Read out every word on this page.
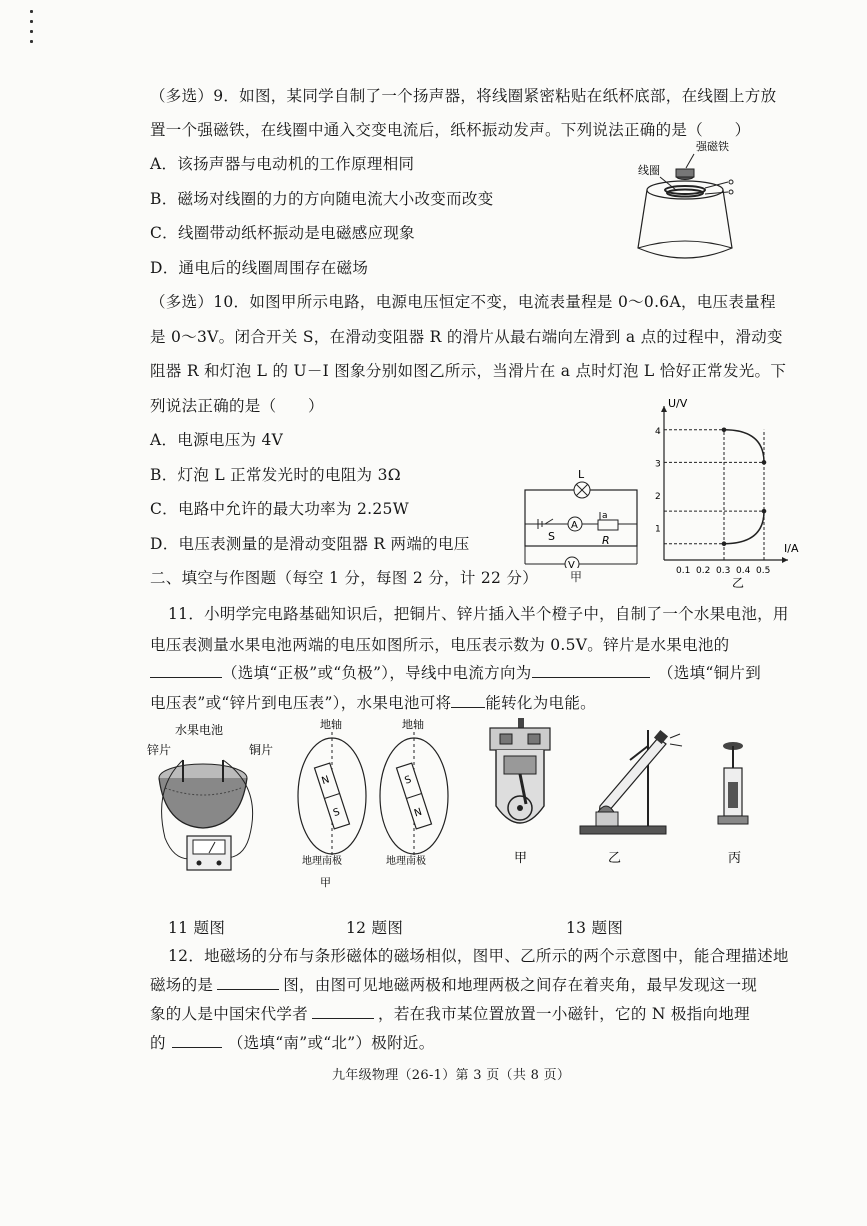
（多选）9．如图，某同学自制了一个扬声器，将线圈紧密粘贴在纸杯底部，在线圈上方放
置一个强磁铁，在线圈中通入交变电流后，纸杯振动发声。下列说法正确的是（　　）
A．该扬声器与电动机的工作原理相同
B．磁场对线圈的力的方向随电流大小改变而改变
C．线圈带动纸杯振动是电磁感应现象
D．通电后的线圈周围存在磁场
线圈
强磁铁
（多选）10．如图甲所示电路，电源电压恒定不变，电流表量程是 0～0.6A，电压表量程
是 0～3V。闭合开关 S，在滑动变阻器 R 的滑片从最右端向左滑到 a 点的过程中，滑动变
阻器 R 和灯泡 L 的 U－I 图象分别如图乙所示，当滑片在 a 点时灯泡 L 恰好正常发光。下
列说法正确的是（　　）
A．电源电压为 4V
B．灯泡 L 正常发光时的电阻为 3Ω
C．电路中允许的最大功率为 2.25W
D．电压表测量的是滑动变阻器 R 两端的电压
L
S
A
a
R
V
甲
U/V
I/A
0.1 0.2 0.3 0.4 0.5
1
2
3
4
乙
二、填空与作图题（每空 1 分，每图 2 分，计 22 分）
11．小明学完电路基础知识后，把铜片、锌片插入半个橙子中，自制了一个水果电池，用
电压表测量水果电池两端的电压如图所示，电压表示数为 0.5V。锌片是水果电池的
（选填“正极”或“负极”），导线中电流方向为	（选填“铜片到
电压表”或“锌片到电压表”），水果电池可将 能转化为电能。
水果电池
锌片	铜片
地轴	地轴
N
S
S
N
地理南极	地理南极
甲
甲	乙	丙
11 题图	12 题图	13 题图
12．地磁场的分布与条形磁体的磁场相似，图甲、乙所示的两个示意图中，能合理描述地
磁场的是	图，由图可见地磁两极和地理两极之间存在着夹角，最早发现这一现
象的人是中国宋代学者	，若在我市某位置放置一小磁针，它的 N 极指向地理
的	（选填“南”或“北”）极附近。
九年级物理（26-1）第 3 页（共 8 页）
